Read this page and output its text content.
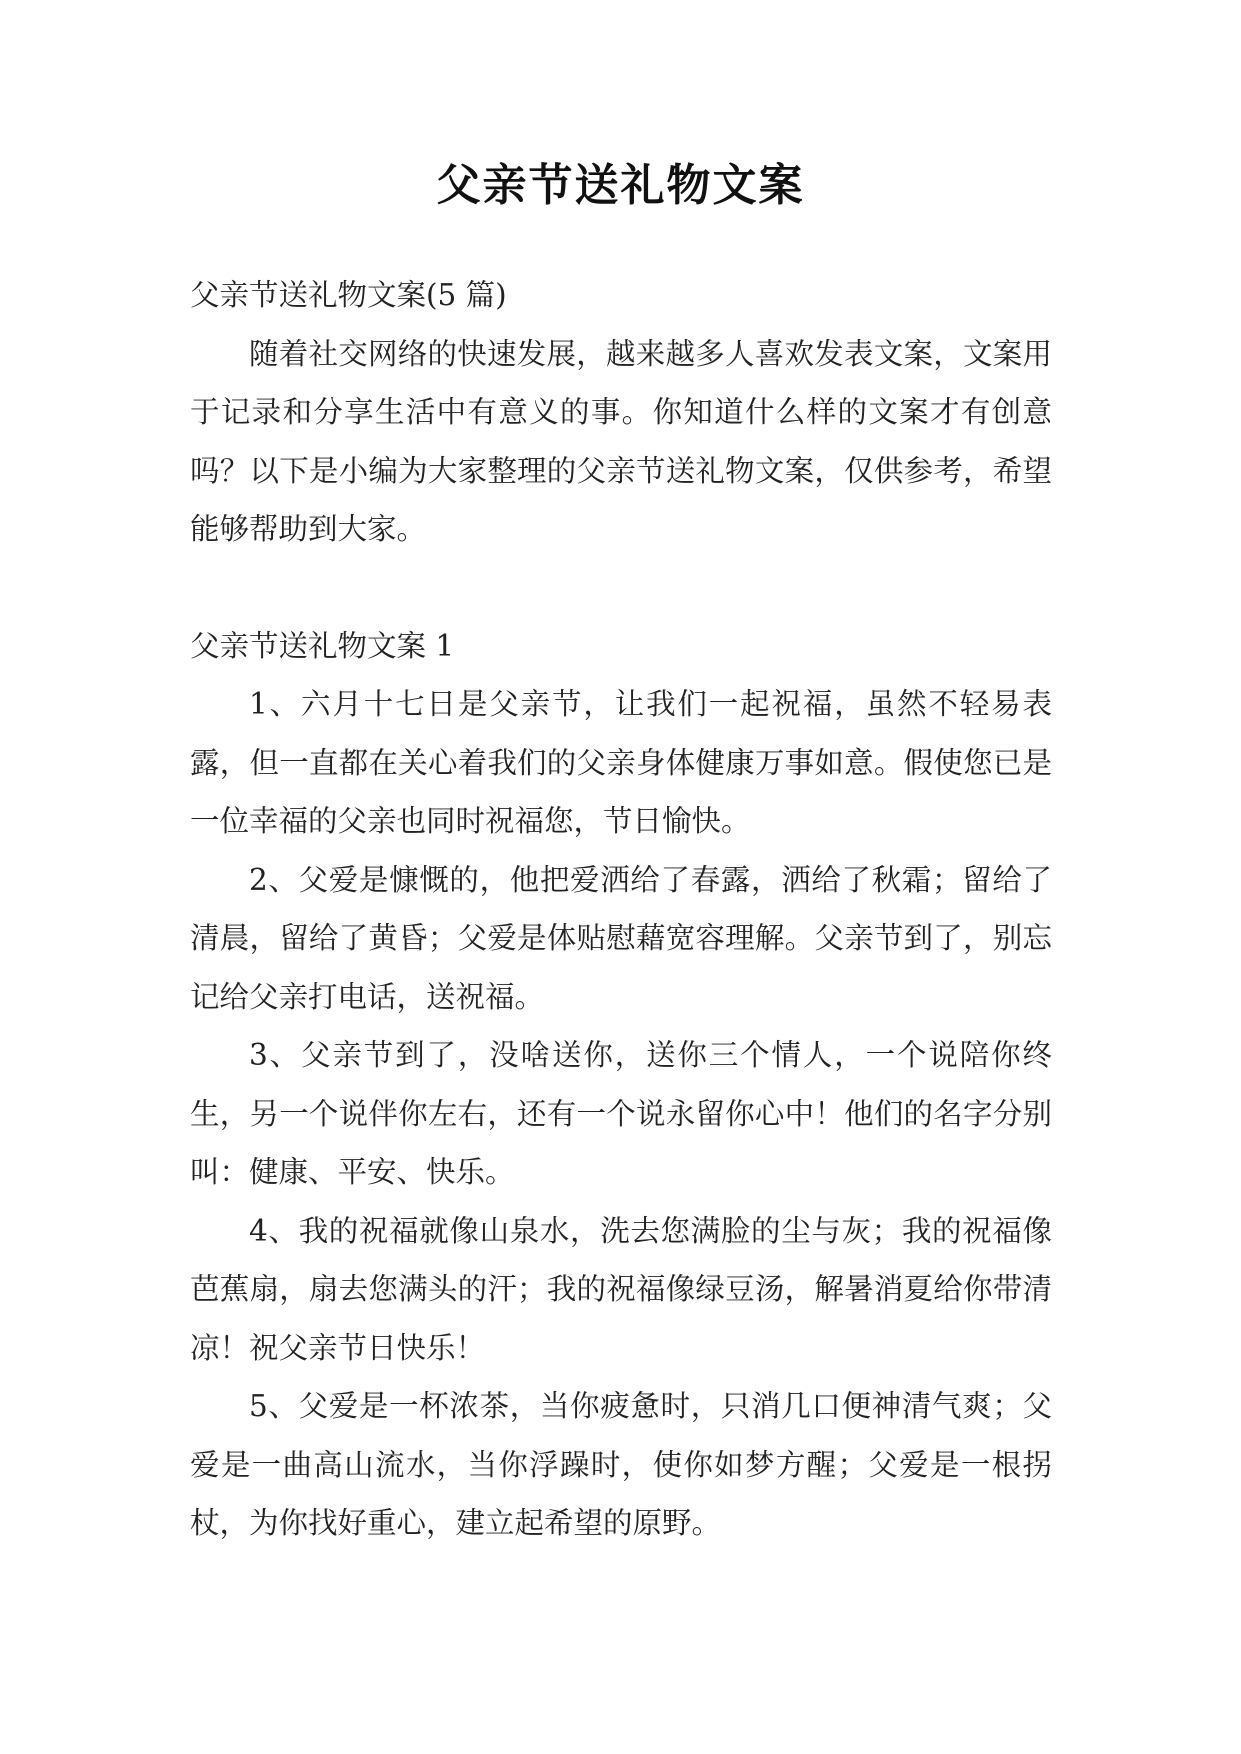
父亲节送礼物文案

父亲节送礼物文案(5 篇)

随着社交网络的快速发展，越来越多人喜欢发表文案，文案用于记录和分享生活中有意义的事。你知道什么样的文案才有创意吗？以下是小编为大家整理的父亲节送礼物文案，仅供参考，希望能够帮助到大家。

父亲节送礼物文案 1

1、六月十七日是父亲节，让我们一起祝福，虽然不轻易表露，但一直都在关心着我们的父亲身体健康万事如意。假使您已是一位幸福的父亲也同时祝福您，节日愉快。

2、父爱是慷慨的，他把爱洒给了春露，洒给了秋霜；留给了清晨，留给了黄昏；父爱是体贴慰藉宽容理解。父亲节到了，别忘记给父亲打电话，送祝福。

3、父亲节到了，没啥送你，送你三个情人，一个说陪你终生，另一个说伴你左右，还有一个说永留你心中！他们的名字分别叫：健康、平安、快乐。

4、我的祝福就像山泉水，洗去您满脸的尘与灰；我的祝福像芭蕉扇，扇去您满头的汗；我的祝福像绿豆汤，解暑消夏给你带清凉！祝父亲节日快乐！

5、父爱是一杯浓茶，当你疲惫时，只消几口便神清气爽；父爱是一曲高山流水，当你浮躁时，使你如梦方醒；父爱是一根拐杖，为你找好重心，建立起希望的原野。
